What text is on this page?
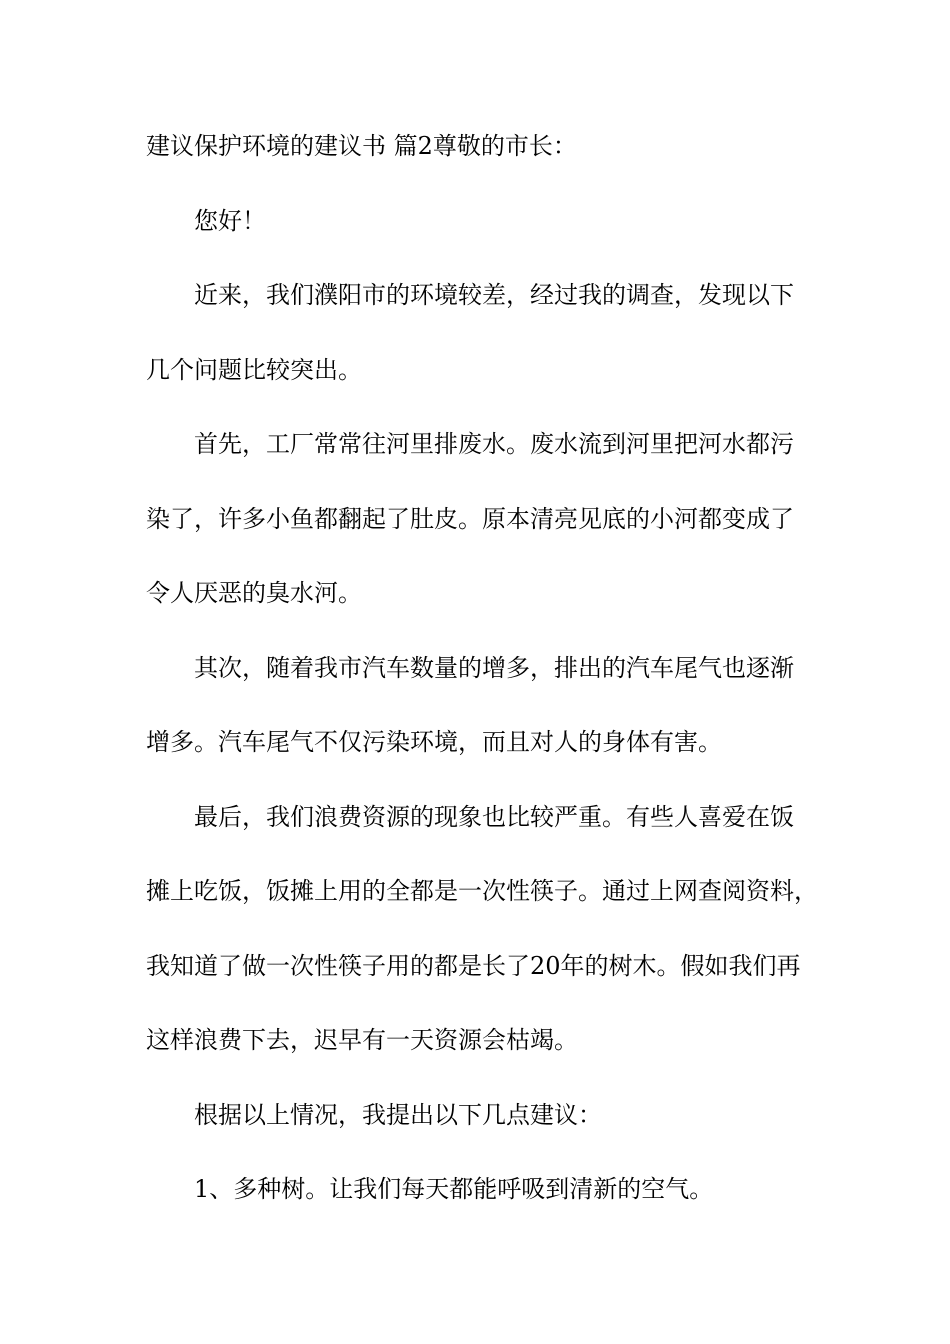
建议保护环境的建议书 篇2尊敬的市长：
您好！
近来，我们濮阳市的环境较差，经过我的调查，发现以下
几个问题比较突出。
首先，工厂常常往河里排废水。废水流到河里把河水都污
染了，许多小鱼都翻起了肚皮。原本清亮见底的小河都变成了
令人厌恶的臭水河。
其次，随着我市汽车数量的增多，排出的汽车尾气也逐渐
增多。汽车尾气不仅污染环境，而且对人的身体有害。
最后，我们浪费资源的现象也比较严重。有些人喜爱在饭
摊上吃饭，饭摊上用的全都是一次性筷子。通过上网查阅资料，
我知道了做一次性筷子用的都是长了20年的树木。假如我们再
这样浪费下去，迟早有一天资源会枯竭。
根据以上情况，我提出以下几点建议：
1、多种树。让我们每天都能呼吸到清新的空气。
